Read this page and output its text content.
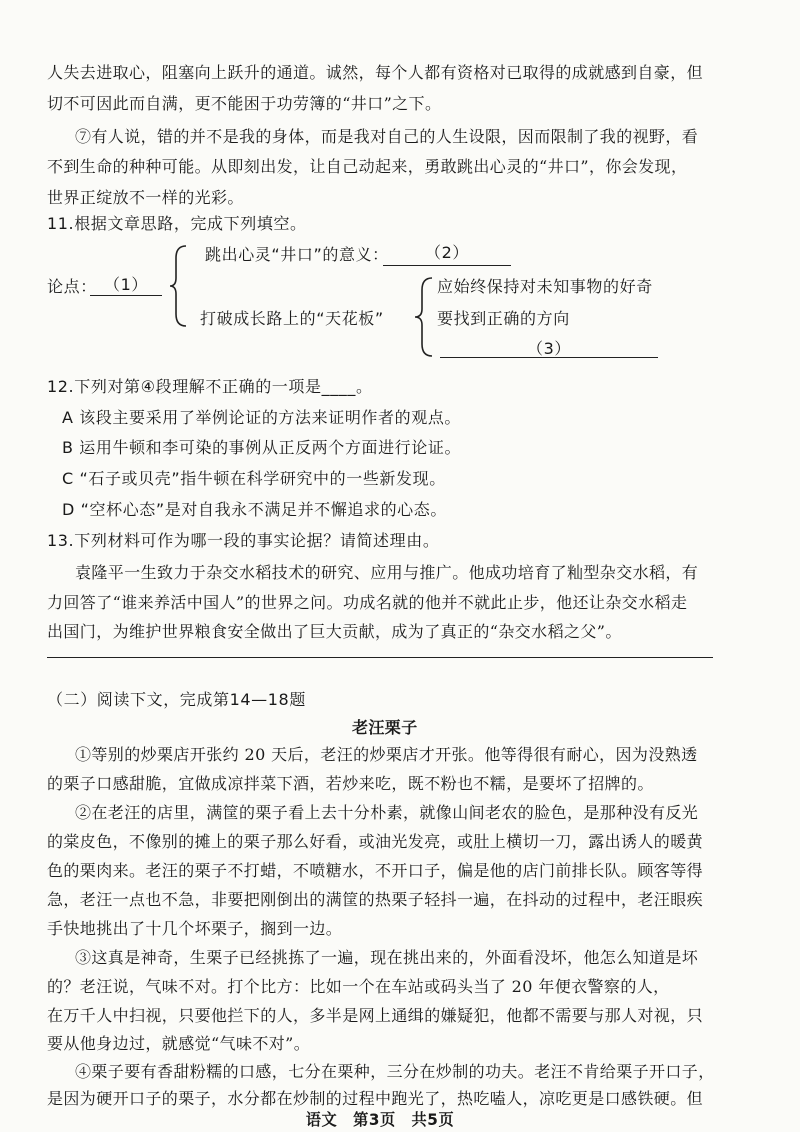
人失去进取心，阻塞向上跃升的通道。诚然，每个人都有资格对已取得的成就感到自豪，但
切不可因此而自满，更不能困于功劳簿的“井口”之下。
⑦有人说，错的并不是我的身体，而是我对自己的人生设限，因而限制了我的视野，看
不到生命的种种可能。从即刻出发，让自己动起来，勇敢跳出心灵的“井口”，你会发现，
世界正绽放不一样的光彩。
11.根据文章思路，完成下列填空。
跳出心灵“井口”的意义：	（2）
论点： （1）
打破成长路上的“天花板”
应始终保持对未知事物的好奇
要找到正确的方向
（3）
12.下列对第④段理解不正确的一项是____。
A 该段主要采用了举例论证的方法来证明作者的观点。
B 运用牛顿和李可染的事例从正反两个方面进行论证。
C “石子或贝壳”指牛顿在科学研究中的一些新发现。
D “空杯心态”是对自我永不满足并不懈追求的心态。
13.下列材料可作为哪一段的事实论据？请简述理由。
袁隆平一生致力于杂交水稻技术的研究、应用与推广。他成功培育了籼型杂交水稻，有
力回答了“谁来养活中国人”的世界之问。功成名就的他并不就此止步，他还让杂交水稻走
出国门，为维护世界粮食安全做出了巨大贡献，成为了真正的“杂交水稻之父”。
（二）阅读下文，完成第14—18题
老汪栗子
①等别的炒栗店开张约 20 天后，老汪的炒栗店才开张。他等得很有耐心，因为没熟透
的栗子口感甜脆，宜做成凉拌菜下酒，若炒来吃，既不粉也不糯，是要坏了招牌的。
②在老汪的店里，满筐的栗子看上去十分朴素，就像山间老农的脸色，是那种没有反光
的棠皮色，不像别的摊上的栗子那么好看，或油光发亮，或肚上横切一刀，露出诱人的暖黄
色的栗肉来。老汪的栗子不打蜡，不喷糖水，不开口子，偏是他的店门前排长队。顾客等得
急，老汪一点也不急，非要把刚倒出的满筐的热栗子轻抖一遍，在抖动的过程中，老汪眼疾
手快地挑出了十几个坏栗子，搁到一边。
③这真是神奇，生栗子已经挑拣了一遍，现在挑出来的，外面看没坏，他怎么知道是坏
的？老汪说，气味不对。打个比方：比如一个在车站或码头当了 20 年便衣警察的人，
在万千人中扫视，只要他拦下的人，多半是网上通缉的嫌疑犯，他都不需要与那人对视，只
要从他身边过，就感觉“气味不对”。
④栗子要有香甜粉糯的口感，七分在栗种，三分在炒制的功夫。老汪不肯给栗子开口子，
是因为硬开口子的栗子，水分都在炒制的过程中跑光了，热吃嗑人，凉吃更是口感铁硬。但
语文　第3页　共5页
